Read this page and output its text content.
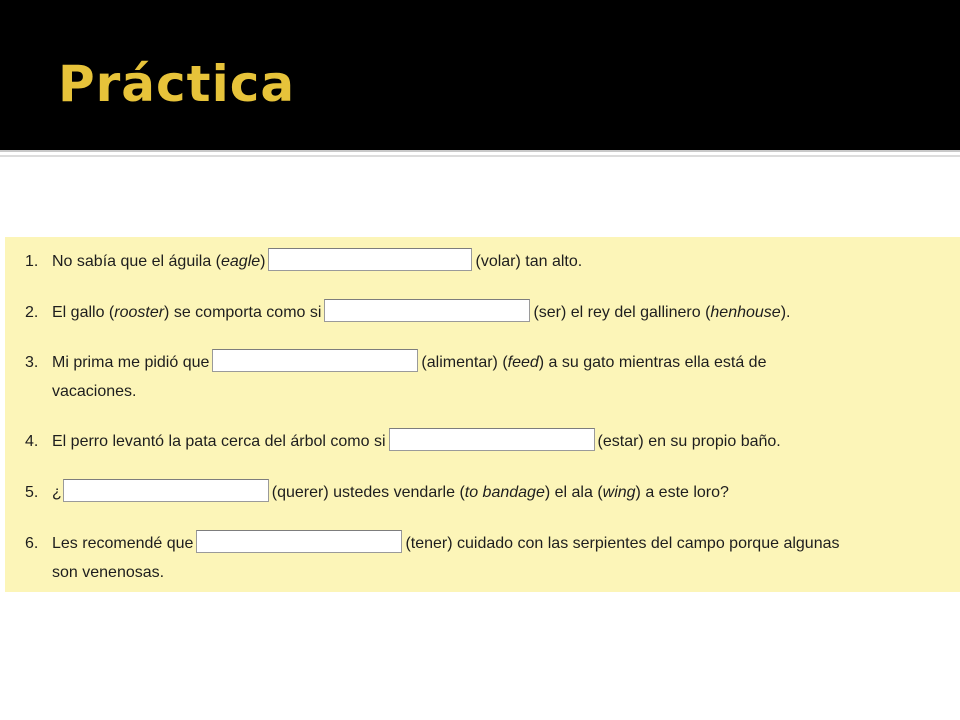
Práctica
1. No sabía que el águila (eagle)	(volar) tan alto.
2. El gallo (rooster) se comporta como si	(ser) el rey del gallinero (henhouse).
3. Mi prima me pidió que	(alimentar) (feed) a su gato mientras ella está de
vacaciones.
4. El perro levantó la pata cerca del árbol como si	(estar) en su propio baño.
5. ¿	(querer) ustedes vendarle (to bandage) el ala (wing) a este loro?
6. Les recomendé que	(tener) cuidado con las serpientes del campo porque algunas
son venenosas.
